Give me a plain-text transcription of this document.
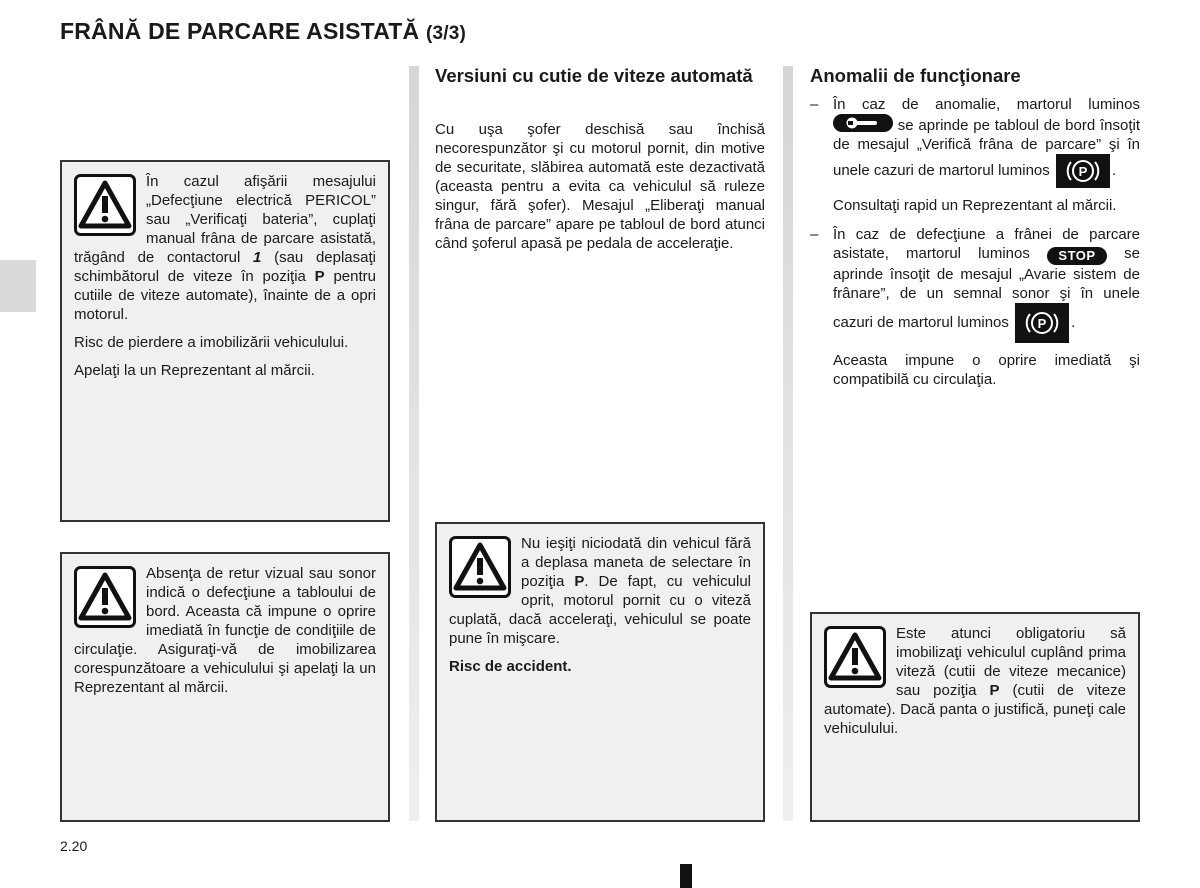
FRÂNĂ DE PARCARE ASISTATĂ (3/3)

În cazul afişării mesajului „Defecţiune electrică PERICOL” sau „Verificaţi bateria”, cuplaţi manual frâna de parcare asistată, trăgând de contactorul 1 (sau deplasaţi schimbătorul de viteze în poziţia P pentru cutiile de viteze automate), înainte de a opri motorul.

Risc de pierdere a imobilizării vehiculului.

Apelaţi la un Reprezentant al mărcii.

Absenţa de retur vizual sau sonor indică o defecţiune a tabloului de bord. Aceasta că impune o oprire imediată în funcţie de condiţiile de circulaţie. Asiguraţi-vă de imobilizarea corespunzătoare a vehiculului şi apelaţi la un Reprezentant al mărcii.

Versiuni cu cutie de viteze automată
Cu uşa şofer deschisă sau închisă necorespunzător şi cu motorul pornit, din motive de securitate, slăbirea automată este dezactivată (aceasta pentru a evita ca vehiculul să ruleze singur, fără şofer). Mesajul „Eliberaţi manual frâna de parcare” apare pe tabloul de bord atunci când şoferul apasă pe pedala de acceleraţie.

Nu ieşiţi niciodată din vehicul fără a deplasa maneta de selectare în poziţia P. De fapt, cu vehiculul oprit, motorul pornit cu o viteză cuplată, dacă acceleraţi, vehiculul se poate pune în mişcare.

Risc de accident.

Anomalii de funcţionare
– În caz de anomalie, martorul luminos
se aprinde pe tabloul de bord însoţit de mesajul „Verifică frâna de parcare” şi în unele cazuri de martorul luminos P .

Consultaţi rapid un Reprezentant al mărcii.

– În caz de defecţiune a frânei de parcare asistate, martorul luminos STOP se aprinde însoţit de mesajul „Avarie sistem de frânare”, de un semnal sonor şi în unele cazuri de martorul luminos P .

Aceasta impune o oprire imediată şi compatibilă cu circulaţia.

Este atunci obligatoriu să imobilizaţi vehiculul cuplând prima viteză (cutii de viteze mecanice) sau poziţia P (cutii de viteze automate). Dacă panta o justifică, puneţi cale vehiculului.

2.20
